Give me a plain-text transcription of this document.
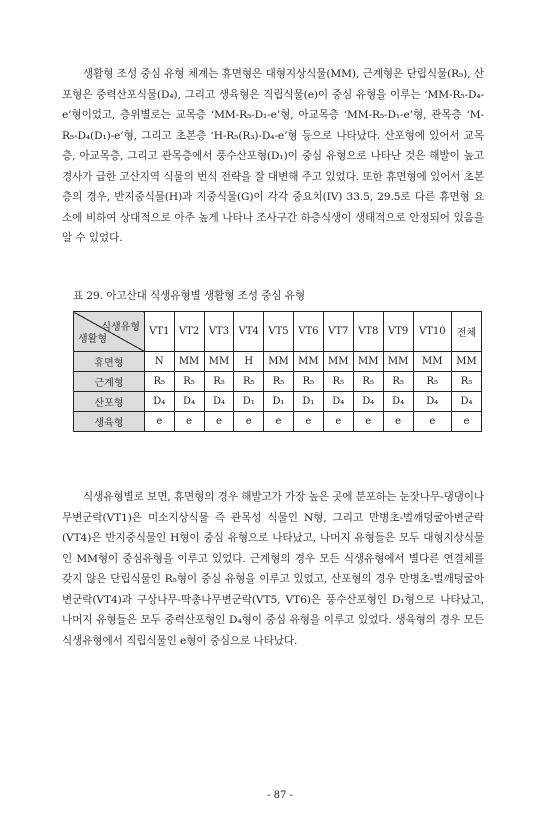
생활형 조성 중심 유형 체계는 휴면형은 대형지상식물(MM), 근계형은 단립식물(R₅), 산포형은 중력산포식물(D₄), 그리고 생육형은 직립식물(e)이 중심 유형을 이루는 ‘MM-R₅-D₄-e’형이었고, 층위별로는 교목층 ‘MM-R₅-D₁-e’형, 아교목층 ‘MM-R₅-D₁-e’형, 관목층 ‘M-R₅-D₄(D₁)-e’형, 그리고 초본층 ‘H-R₅(R₃)-D₄-e’형 등으로 나타났다. 산포형에 있어서 교목층, 아교목층, 그리고 관목층에서 풍수산포형(D₁)이 중심 유형으로 나타난 것은 해발이 높고 경사가 급한 고산지역 식물의 번식 전략을 잘 대변해 주고 있었다. 또한 휴면형에 있어서 초본층의 경우, 반지중식물(H)과 지중식물(G)이 각각 중요치(IV) 33.5, 29.5로 다른 휴면형 요소에 비하여 상대적으로 아주 높게 나타나 조사구간 하층식생이 생태적으로 안정되어 있음을 알 수 있었다.

표 29. 아고산대 식생유형별 생활형 조성 중심 유형
식생유형
생활형	VT1	VT2	VT3	VT4	VT5	VT6	VT7	VT8	VT9	VT10	전체
휴면형	N	MM	MM	H	MM	MM	MM	MM	MM	MM	MM
근계형	R₅	R₅	R₅	R₅	R₅	R₅	R₅	R₅	R₅	R₅	R₅
산포형	D₄	D₄	D₄	D₁	D₁	D₁	D₄	D₄	D₄	D₄	D₄
생육형	e	e	e	e	e	e	e	e	e	e	e

식생유형별로 보면, 휴면형의 경우 해발고가 가장 높은 곳에 분포하는 눈잣나무-댕댕이나무변군락(VT1)은 미소지상식물 즉 관목성 식물인 N형, 그리고 만병초-벌깨덩굴아변군락(VT4)은 반지중식물인 H형이 중심 유형으로 나타났고, 나머지 유형들은 모두 대형지상식물인 MM형이 중심유형을 이루고 있었다. 근계형의 경우 모든 식생유형에서 별다른 연결체를 갖지 않은 단립식물인 R₅형이 중심 유형을 이루고 있었고, 산포형의 경우 만병초-벌깨덩굴아변군락(VT4)과 구상나무-딱총나무변군락(VT5, VT6)은 풍수산포형인 D₁형으로 나타났고, 나머지 유형들은 모두 중력산포형인 D₄형이 중심 유형을 이루고 있었다. 생육형의 경우 모든 식생유형에서 직립식물인 e형이 중심으로 나타났다.

- 87 -
